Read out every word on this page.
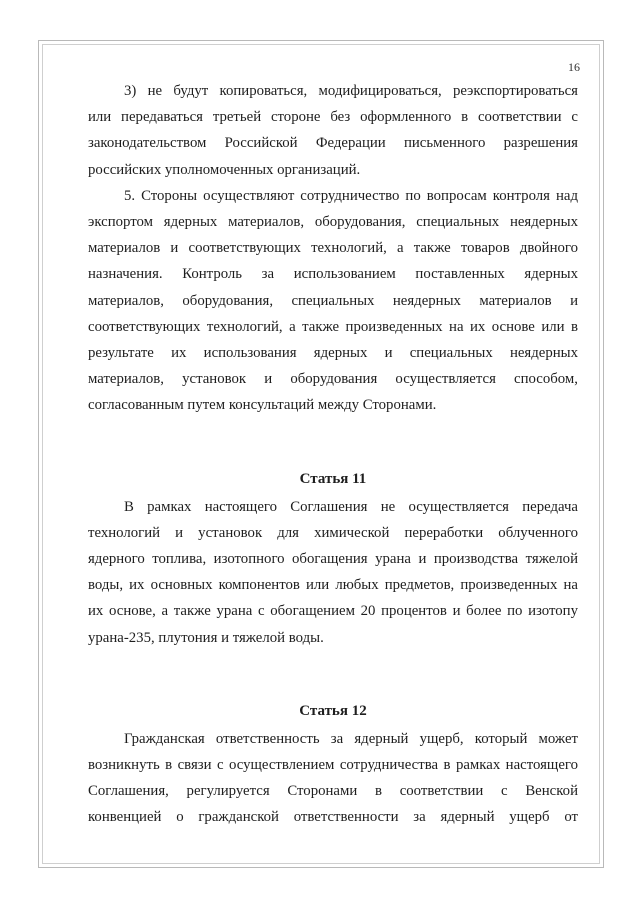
16
3) не будут копироваться, модифицироваться, реэкспортироваться
или передаваться третьей стороне без оформленного в соответствии с
законодательством Российской Федерации письменного разрешения
российских уполномоченных организаций.
5. Стороны осуществляют сотрудничество по вопросам контроля над
экспортом ядерных материалов, оборудования, специальных неядерных
материалов и соответствующих технологий, а также товаров двойного
назначения. Контроль за использованием поставленных ядерных
материалов, оборудования, специальных неядерных материалов и
соответствующих технологий, а также произведенных на их основе или в
результате их использования ядерных и специальных неядерных
материалов, установок и оборудования осуществляется способом,
согласованным путем консультаций между Сторонами.
Статья 11
В рамках настоящего Соглашения не осуществляется передача
технологий и установок для химической переработки облученного
ядерного топлива, изотопного обогащения урана и производства тяжелой
воды, их основных компонентов или любых предметов, произведенных на
их основе, а также урана с обогащением 20 процентов и более по изотопу
урана-235, плутония и тяжелой воды.
Статья 12
Гражданская ответственность за ядерный ущерб, который может
возникнуть в связи с осуществлением сотрудничества в рамках настоящего
Соглашения, регулируется Сторонами в соответствии с Венской
конвенцией о гражданской ответственности за ядерный ущерб от
